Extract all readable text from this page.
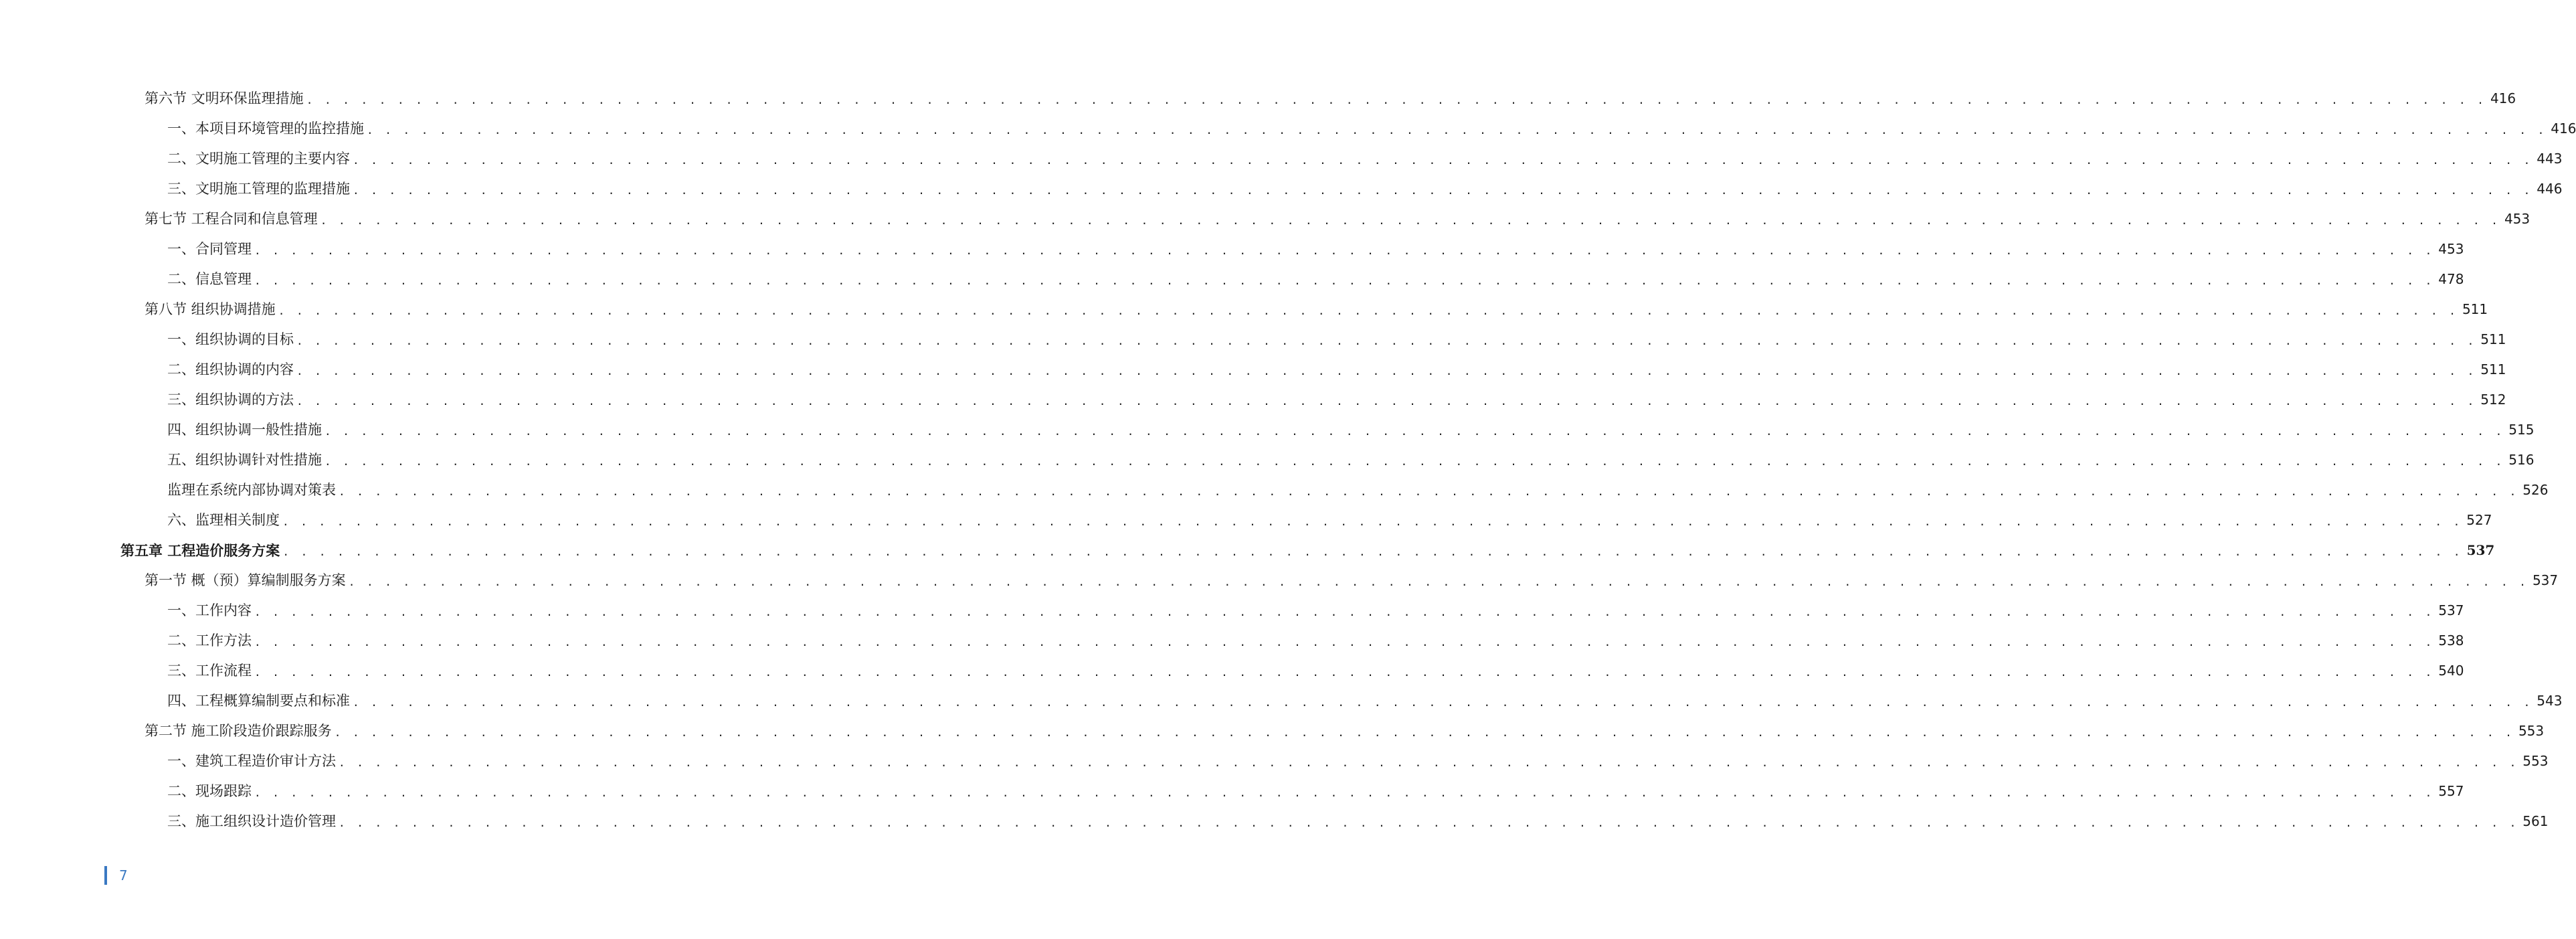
第六节 文明环保监理措施 . . . . . . . . . . . . . . . . . . . . . . . . . . . . . . . . . . . . . . . . . . . . . . . . . . . . . . . . . . . . . . . . . . . . . . . . . . . . . . . . . . . . . . . . . . . . . . . . . . . . . . . . . . . . . . . . . . . . . . . . 416
一、本项目环境管理的监控措施 . . . . . . . . . . . . . . . . . . . . . . . . . . . . . . . . . . . . . . . . . . . . . . . . . . . . . . . . . . . . . . . . . . . . . . . . . . . . . . . . . . . . . . . . . . . . . . . . . . . . . . . . . . . . . . . . . . . . . . . . 416
二、文明施工管理的主要内容 . . . . . . . . . . . . . . . . . . . . . . . . . . . . . . . . . . . . . . . . . . . . . . . . . . . . . . . . . . . . . . . . . . . . . . . . . . . . . . . . . . . . . . . . . . . . . . . . . . . . . . . . . . . . . . . . . . . . . . . . 443
三、文明施工管理的监理措施 . . . . . . . . . . . . . . . . . . . . . . . . . . . . . . . . . . . . . . . . . . . . . . . . . . . . . . . . . . . . . . . . . . . . . . . . . . . . . . . . . . . . . . . . . . . . . . . . . . . . . . . . . . . . . . . . . . . . . . . . 446
第七节 工程合同和信息管理 . . . . . . . . . . . . . . . . . . . . . . . . . . . . . . . . . . . . . . . . . . . . . . . . . . . . . . . . . . . . . . . . . . . . . . . . . . . . . . . . . . . . . . . . . . . . . . . . . . . . . . . . . . . . . . . . . . . . . . . . 453
一、合同管理 . . . . . . . . . . . . . . . . . . . . . . . . . . . . . . . . . . . . . . . . . . . . . . . . . . . . . . . . . . . . . . . . . . . . . . . . . . . . . . . . . . . . . . . . . . . . . . . . . . . . . . . . . . . . . . . . . . . . . . . . 453
二、信息管理 . . . . . . . . . . . . . . . . . . . . . . . . . . . . . . . . . . . . . . . . . . . . . . . . . . . . . . . . . . . . . . . . . . . . . . . . . . . . . . . . . . . . . . . . . . . . . . . . . . . . . . . . . . . . . . . . . . . . . . . . 478
第八节 组织协调措施 . . . . . . . . . . . . . . . . . . . . . . . . . . . . . . . . . . . . . . . . . . . . . . . . . . . . . . . . . . . . . . . . . . . . . . . . . . . . . . . . . . . . . . . . . . . . . . . . . . . . . . . . . . . . . . . . . . . . . . . . 511
一、组织协调的目标 . . . . . . . . . . . . . . . . . . . . . . . . . . . . . . . . . . . . . . . . . . . . . . . . . . . . . . . . . . . . . . . . . . . . . . . . . . . . . . . . . . . . . . . . . . . . . . . . . . . . . . . . . . . . . . . . . . . . . . . . 511
二、组织协调的内容 . . . . . . . . . . . . . . . . . . . . . . . . . . . . . . . . . . . . . . . . . . . . . . . . . . . . . . . . . . . . . . . . . . . . . . . . . . . . . . . . . . . . . . . . . . . . . . . . . . . . . . . . . . . . . . . . . . . . . . . . 511
三、组织协调的方法 . . . . . . . . . . . . . . . . . . . . . . . . . . . . . . . . . . . . . . . . . . . . . . . . . . . . . . . . . . . . . . . . . . . . . . . . . . . . . . . . . . . . . . . . . . . . . . . . . . . . . . . . . . . . . . . . . . . . . . . . 512
四、组织协调一般性措施 . . . . . . . . . . . . . . . . . . . . . . . . . . . . . . . . . . . . . . . . . . . . . . . . . . . . . . . . . . . . . . . . . . . . . . . . . . . . . . . . . . . . . . . . . . . . . . . . . . . . . . . . . . . . . . . . . . . . . . . . 515
五、组织协调针对性措施 . . . . . . . . . . . . . . . . . . . . . . . . . . . . . . . . . . . . . . . . . . . . . . . . . . . . . . . . . . . . . . . . . . . . . . . . . . . . . . . . . . . . . . . . . . . . . . . . . . . . . . . . . . . . . . . . . . . . . . . . 516
监理在系统内部协调对策表 . . . . . . . . . . . . . . . . . . . . . . . . . . . . . . . . . . . . . . . . . . . . . . . . . . . . . . . . . . . . . . . . . . . . . . . . . . . . . . . . . . . . . . . . . . . . . . . . . . . . . . . . . . . . . . . . . . . . . . . . 526
六、监理相关制度 . . . . . . . . . . . . . . . . . . . . . . . . . . . . . . . . . . . . . . . . . . . . . . . . . . . . . . . . . . . . . . . . . . . . . . . . . . . . . . . . . . . . . . . . . . . . . . . . . . . . . . . . . . . . . . . . . . . . . . . . 527
第五章 工程造价服务方案 . . . . . . . . . . . . . . . . . . . . . . . . . . . . . . . . . . . . . . . . . . . . . . . . . . . . . . . . . . . . . . . . . . . . . . . . . . . . . . . . . . . . . . . . . . . . . . . . . . . . . . . . . . . . . . . . . . . . . . . . 537
第一节 概（预）算编制服务方案 . . . . . . . . . . . . . . . . . . . . . . . . . . . . . . . . . . . . . . . . . . . . . . . . . . . . . . . . . . . . . . . . . . . . . . . . . . . . . . . . . . . . . . . . . . . . . . . . . . . . . . . . . . . . . . . . . . . . . . . . 537
一、工作内容 . . . . . . . . . . . . . . . . . . . . . . . . . . . . . . . . . . . . . . . . . . . . . . . . . . . . . . . . . . . . . . . . . . . . . . . . . . . . . . . . . . . . . . . . . . . . . . . . . . . . . . . . . . . . . . . . . . . . . . . . 537
二、工作方法 . . . . . . . . . . . . . . . . . . . . . . . . . . . . . . . . . . . . . . . . . . . . . . . . . . . . . . . . . . . . . . . . . . . . . . . . . . . . . . . . . . . . . . . . . . . . . . . . . . . . . . . . . . . . . . . . . . . . . . . . 538
三、工作流程 . . . . . . . . . . . . . . . . . . . . . . . . . . . . . . . . . . . . . . . . . . . . . . . . . . . . . . . . . . . . . . . . . . . . . . . . . . . . . . . . . . . . . . . . . . . . . . . . . . . . . . . . . . . . . . . . . . . . . . . . 540
四、工程概算编制要点和标准 . . . . . . . . . . . . . . . . . . . . . . . . . . . . . . . . . . . . . . . . . . . . . . . . . . . . . . . . . . . . . . . . . . . . . . . . . . . . . . . . . . . . . . . . . . . . . . . . . . . . . . . . . . . . . . . . . . . . . . . . 543
第二节 施工阶段造价跟踪服务 . . . . . . . . . . . . . . . . . . . . . . . . . . . . . . . . . . . . . . . . . . . . . . . . . . . . . . . . . . . . . . . . . . . . . . . . . . . . . . . . . . . . . . . . . . . . . . . . . . . . . . . . . . . . . . . . . . . . . . . . 553
一、建筑工程造价审计方法 . . . . . . . . . . . . . . . . . . . . . . . . . . . . . . . . . . . . . . . . . . . . . . . . . . . . . . . . . . . . . . . . . . . . . . . . . . . . . . . . . . . . . . . . . . . . . . . . . . . . . . . . . . . . . . . . . . . . . . . . 553
二、现场跟踪 . . . . . . . . . . . . . . . . . . . . . . . . . . . . . . . . . . . . . . . . . . . . . . . . . . . . . . . . . . . . . . . . . . . . . . . . . . . . . . . . . . . . . . . . . . . . . . . . . . . . . . . . . . . . . . . . . . . . . . . . 557
三、施工组织设计造价管理 . . . . . . . . . . . . . . . . . . . . . . . . . . . . . . . . . . . . . . . . . . . . . . . . . . . . . . . . . . . . . . . . . . . . . . . . . . . . . . . . . . . . . . . . . . . . . . . . . . . . . . . . . . . . . . . . . . . . . . . . 561
7
